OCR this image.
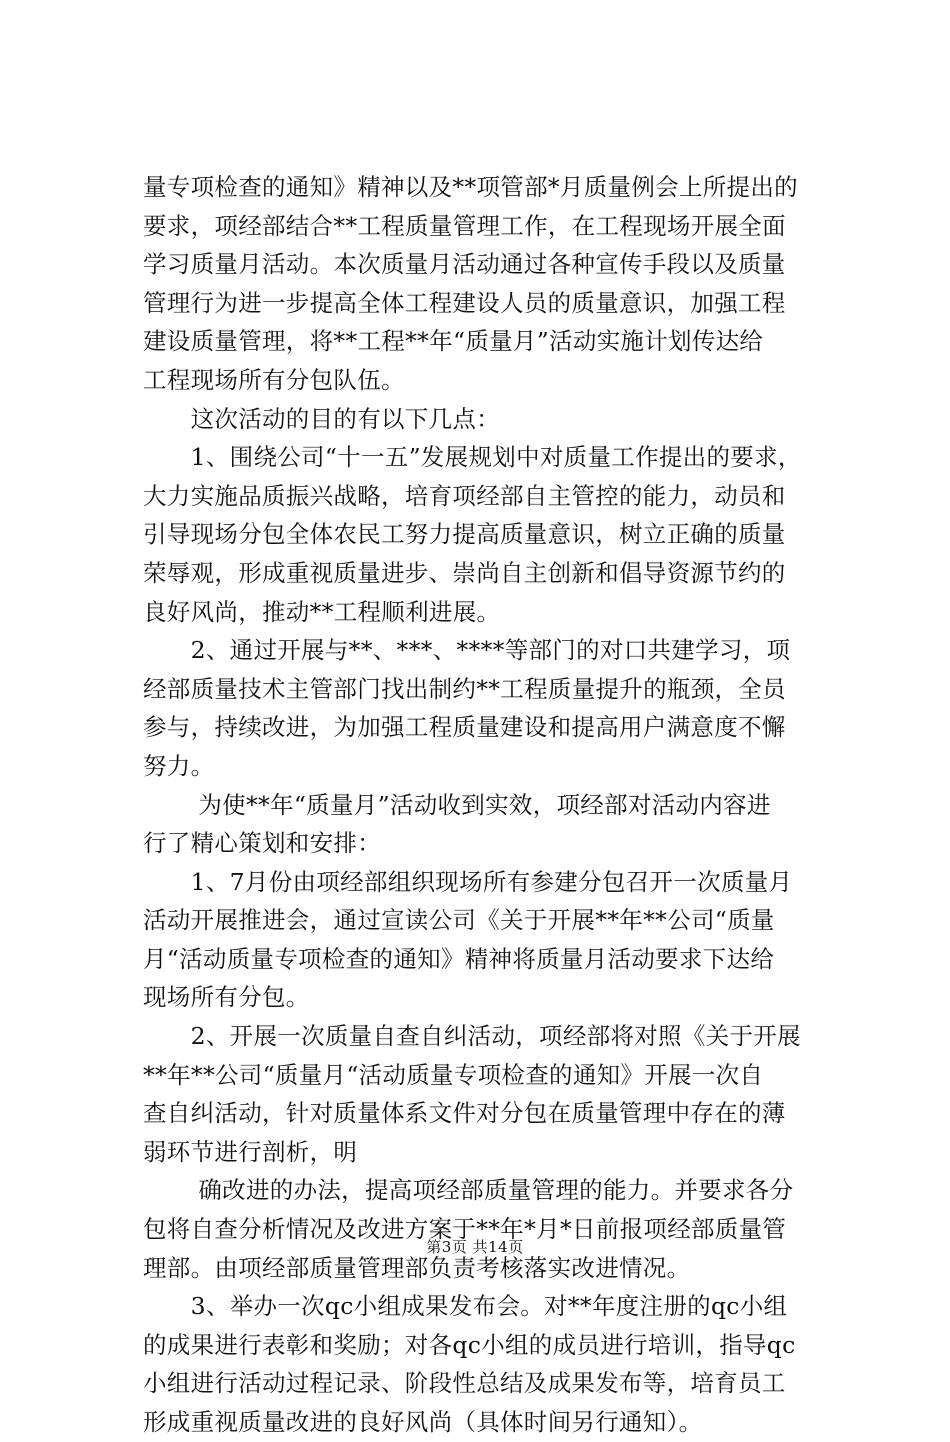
量专项检查的通知》精神以及**项管部*月质量例会上所提出的
要求，项经部结合**工程质量管理工作，在工程现场开展全面
学习质量月活动。本次质量月活动通过各种宣传手段以及质量
管理行为进一步提高全体工程建设人员的质量意识，加强工程
建设质量管理，将**工程**年“质量月”活动实施计划传达给
工程现场所有分包队伍。
　　这次活动的目的有以下几点：
　　1、围绕公司“十一五”发展规划中对质量工作提出的要求，
大力实施品质振兴战略，培育项经部自主管控的能力，动员和
引导现场分包全体农民工努力提高质量意识，树立正确的质量
荣辱观，形成重视质量进步、崇尚自主创新和倡导资源节约的
良好风尚，推动**工程顺利进展。
　　2、通过开展与**、***、****等部门的对口共建学习，项
经部质量技术主管部门找出制约**工程质量提升的瓶颈，全员
参与，持续改进，为加强工程质量建设和提高用户满意度不懈
努力。
　　 为使**年“质量月”活动收到实效，项经部对活动内容进
行了精心策划和安排：
　　1、7月份由项经部组织现场所有参建分包召开一次质量月
活动开展推进会，通过宣读公司《关于开展**年**公司“质量
月“活动质量专项检查的通知》精神将质量月活动要求下达给
现场所有分包。
　　2、开展一次质量自查自纠活动，项经部将对照《关于开展
**年**公司“质量月“活动质量专项检查的通知》开展一次自
查自纠活动，针对质量体系文件对分包在质量管理中存在的薄
弱环节进行剖析，明
　　 确改进的办法，提高项经部质量管理的能力。并要求各分
包将自查分析情况及改进方案于**年*月*日前报项经部质量管
理部。由项经部质量管理部负责考核落实改进情况。
　　3、举办一次qc小组成果发布会。对**年度注册的qc小组
的成果进行表彰和奖励；对各qc小组的成员进行培训，指导qc
小组进行活动过程记录、阶段性总结及成果发布等，培育员工
形成重视质量改进的良好风尚（具体时间另行通知）。
第3页 共14页
